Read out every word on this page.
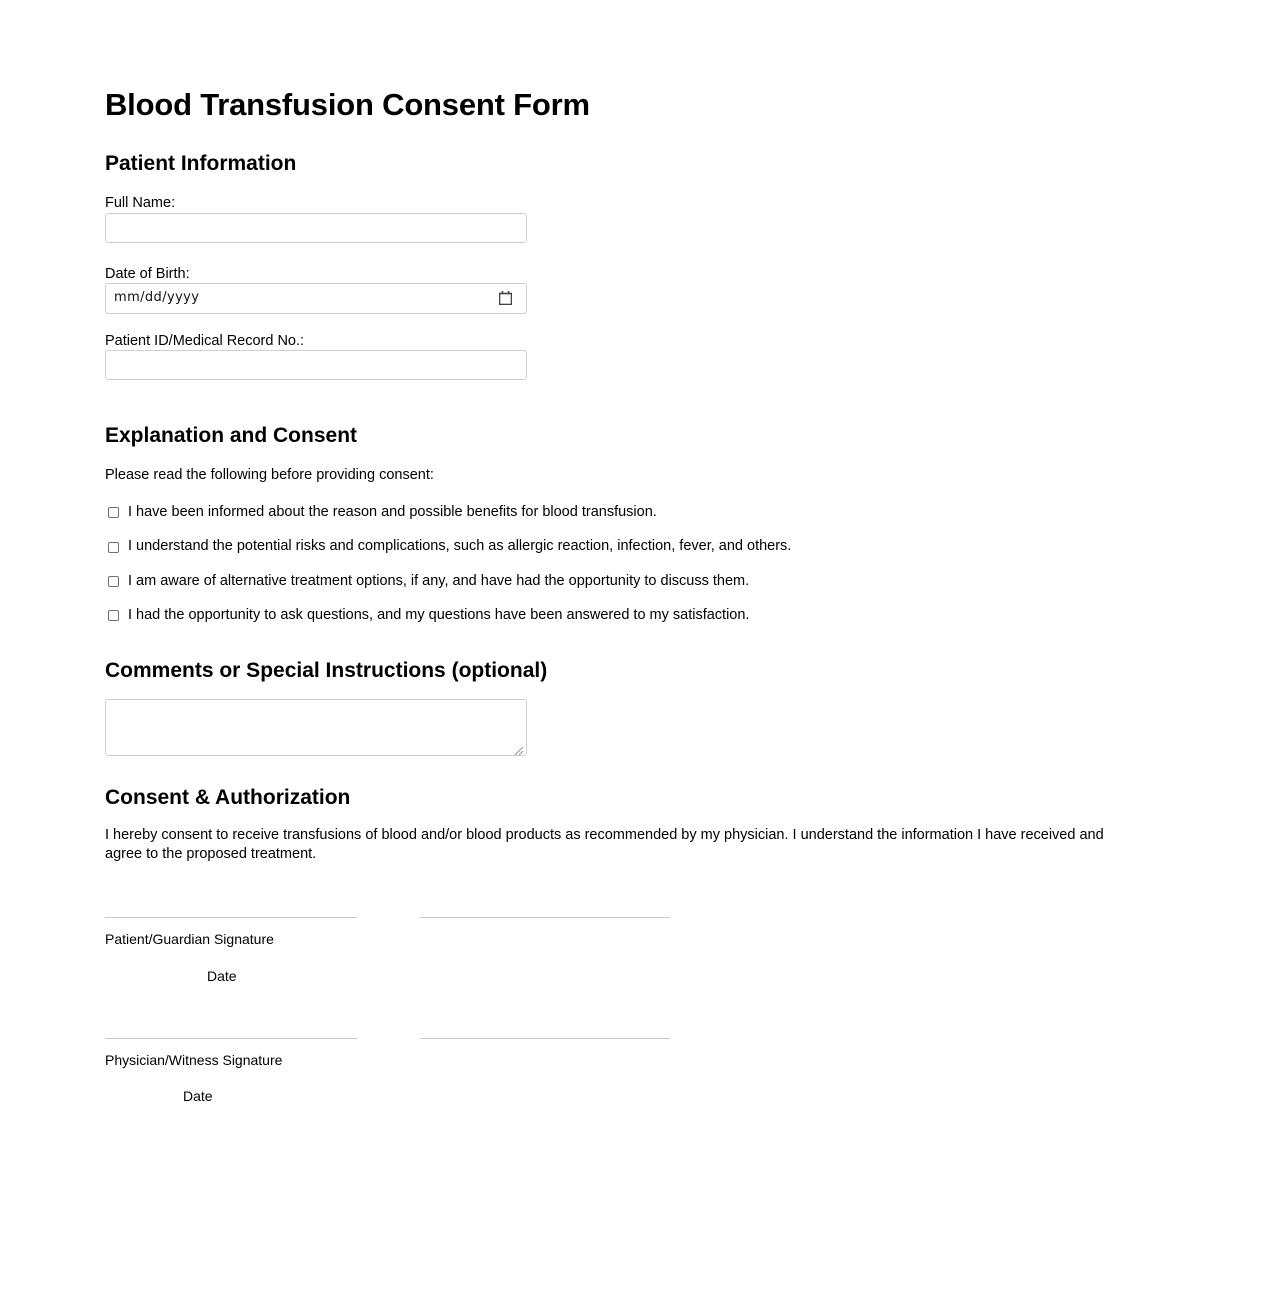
Blood Transfusion Consent Form
Patient Information
Full Name:
Date of Birth:
mm/dd/yyyy
Patient ID/Medical Record No.:
Explanation and Consent

Please read the following before providing consent:

I have been informed about the reason and possible benefits for blood transfusion.
I understand the potential risks and complications, such as allergic reaction, infection, fever, and others.
I am aware of alternative treatment options, if any, and have had the opportunity to discuss them.
I had the opportunity to ask questions, and my questions have been answered to my satisfaction.
Comments or Special Instructions (optional)
Consent & Authorization

I hereby consent to receive transfusions of blood and/or blood products as recommended by my physician. I understand the information I have received and agree to the proposed treatment.

Patient/Guardian Signature
Date
Physician/Witness Signature
Date
